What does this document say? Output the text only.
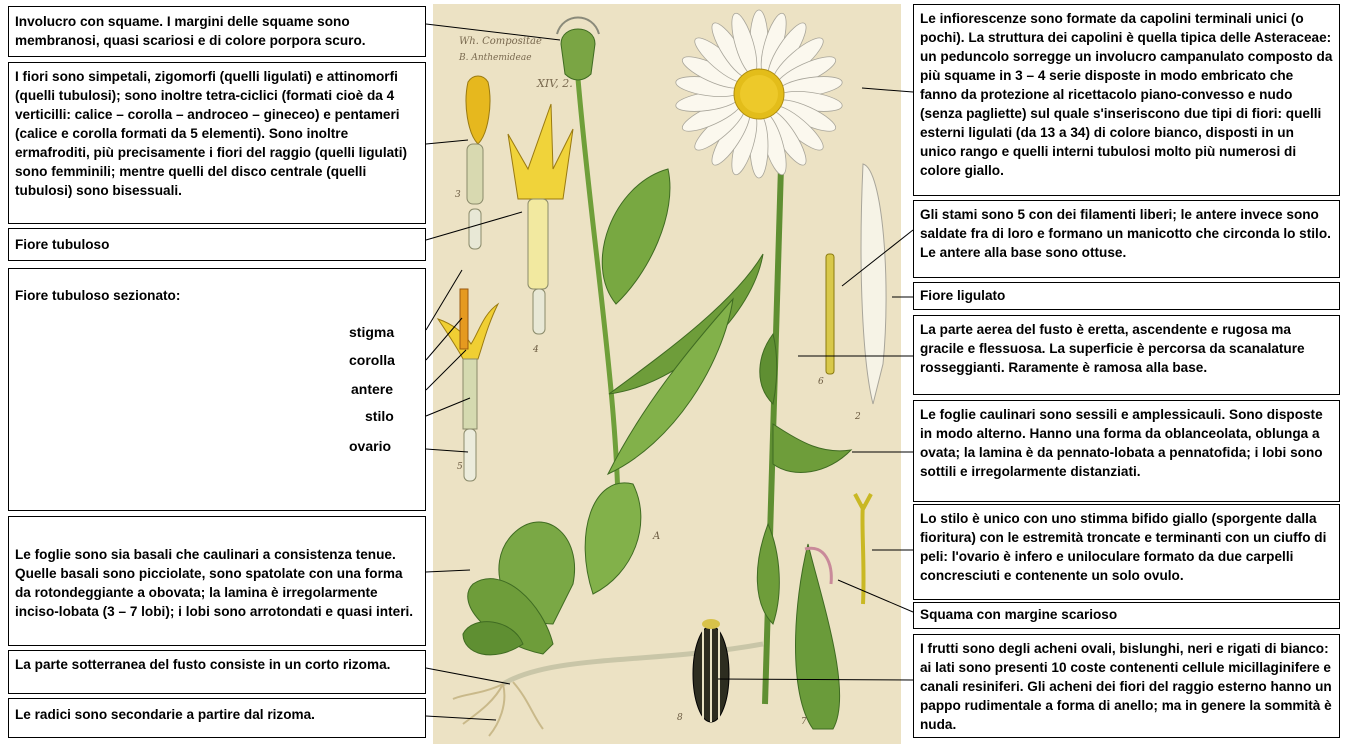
Involucro con squame. I margini delle squame sono membranosi, quasi scariosi e di colore porpora scuro.
I fiori sono simpetali, zigomorfi (quelli ligulati) e attinomorfi (quelli tubulosi); sono inoltre tetra-ciclici (formati cioè da 4 verticilli: calice – corolla – androceo – gineceo) e pentameri (calice e corolla formati da 5 elementi). Sono inoltre ermafroditi, più precisamente i fiori del raggio (quelli ligulati) sono femminili; mentre quelli del disco centrale (quelli tubulosi) sono bisessuali.
Fiore tubuloso
Fiore tubuloso sezionato:
stigma
corolla
antere
stilo
ovario
Le foglie sono sia basali che caulinari a consistenza tenue. Quelle basali sono picciolate, sono spatolate con una forma da rotondeggiante a obovata; la lamina è irregolarmente inciso-lobata (3 – 7 lobi); i lobi sono arrotondati e quasi interi.
La parte sotterranea del fusto consiste in un corto rizoma.
Le radici sono secondarie a partire dal rizoma.
Le infiorescenze sono formate da capolini terminali unici (o pochi). La struttura dei capolini è quella tipica delle Asteraceae: un peduncolo sorregge un involucro campanulato composto da più squame in 3 – 4 serie disposte in modo embricato che fanno da protezione al ricettacolo piano-convesso e nudo (senza pagliette) sul quale s'inseriscono due tipi di fiori: quelli esterni ligulati (da 13 a 34) di colore bianco, disposti in un unico rango e quelli interni tubulosi molto più numerosi di colore giallo.
Gli stami sono 5 con dei filamenti liberi; le antere invece sono saldate fra di loro e formano un manicotto che circonda lo stilo. Le antere alla base sono ottuse.
Fiore ligulato
La parte aerea del fusto è eretta, ascendente e rugosa ma gracile e flessuosa. La superficie è percorsa da scanalature rosseggianti. Raramente è ramosa alla base.
Le foglie caulinari sono sessili e amplessicauli. Sono disposte in modo alterno. Hanno una forma da oblanceolata, oblunga a ovata; la lamina è da pennato-lobata a pennatofida; i lobi sono sottili e irregolarmente distanziati.
Lo stilo è unico con uno stimma bifido giallo (sporgente dalla fioritura) con le estremità troncate e terminanti con un ciuffo di peli: l'ovario è infero e uniloculare formato da due carpelli concresciuti e contenente un solo ovulo.
Squama con margine scarioso
I frutti sono degli acheni ovali, bislunghi, neri e rigati di bianco: ai lati sono presenti 10 coste contenenti cellule micillaginifere e canali resiniferi. Gli acheni dei fiori del raggio esterno hanno un pappo rudimentale a forma di anello; ma in genere la sommità è nuda.
Wh. Compositae
B. Anthemideae
XIV, 2.
3
4
5
6
2
7
8
A
